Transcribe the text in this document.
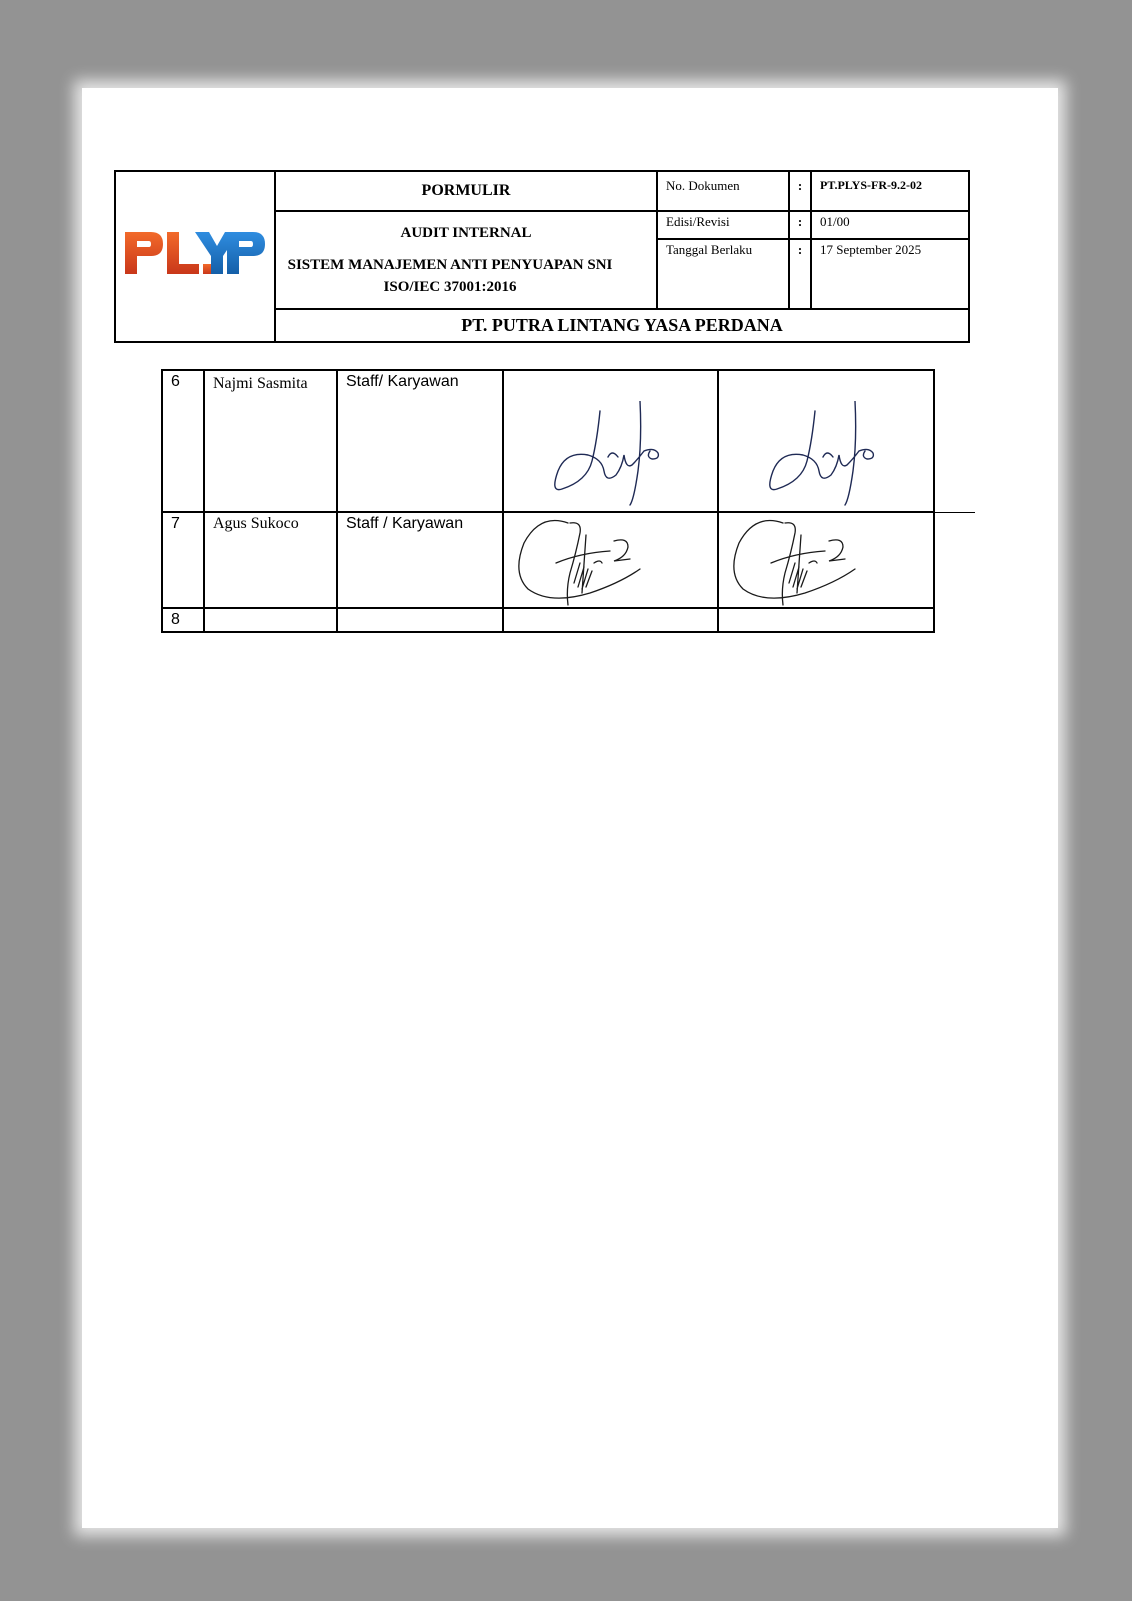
	PORMULIR	No. Dokumen	:	PT.PLYS-FR-9.2-02

	AUDIT INTERNAL
SISTEM MANAJEMEN ANTI PENYUAPAN SNI ISO/IEC 37001:2016	Edisi/Revisi	:	01/00
		Tanggal Berlaku	:	17 September 2025
	PT. PUTRA LINTANG YASA PERDANA			
6	Najmi Sasmita	Staff/ Karyawan	

7	Agus Sukoco	Staff / Karyawan	

8				
